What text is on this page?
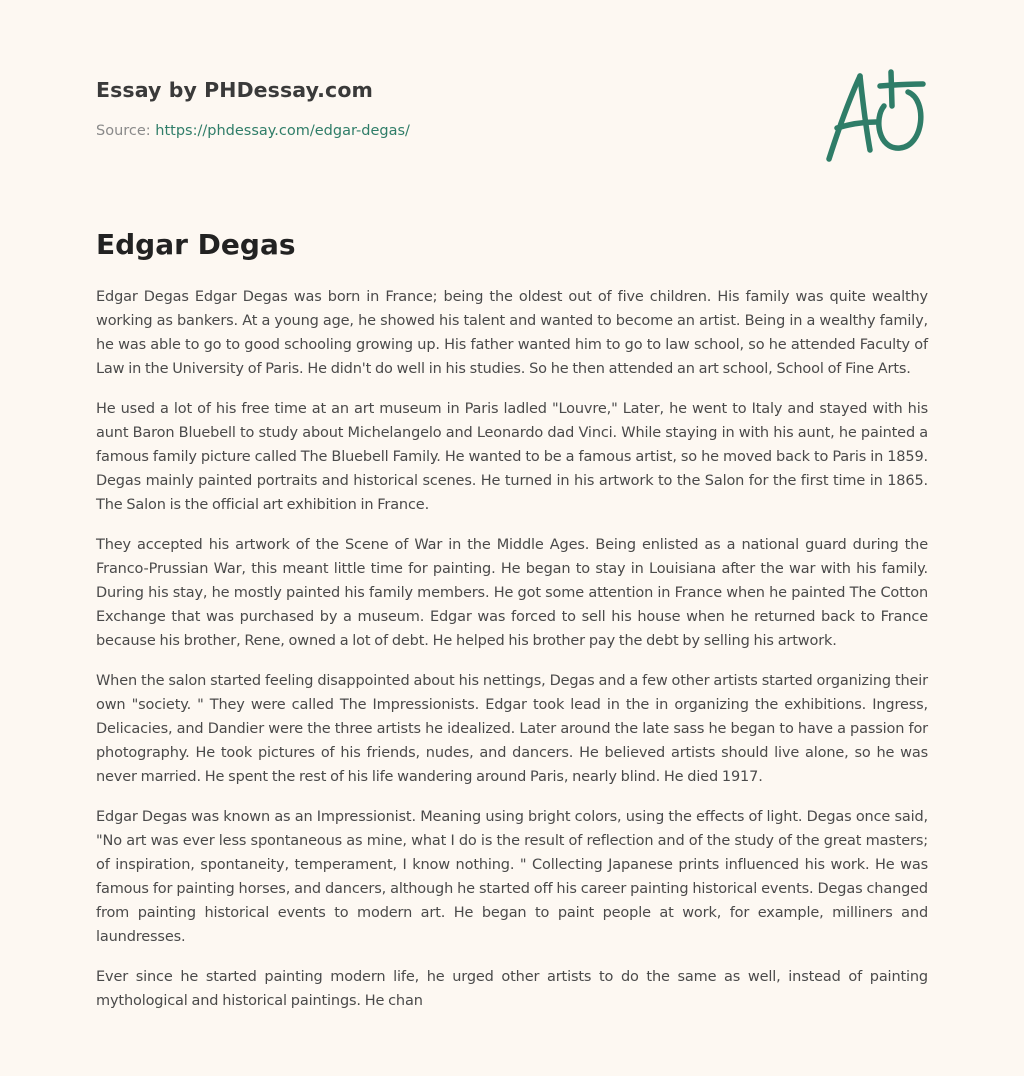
Essay by PHDessay.com
Source: https://phdessay.com/edgar-degas/
Edgar Degas

Edgar Degas Edgar Degas was born in France; being the oldest out of five children. His family was quite wealthy working as bankers. At a young age, he showed his talent and wanted to become an artist. Being in a wealthy family, he was able to go to good schooling growing up. His father wanted him to go to law school, so he attended Faculty of Law in the University of Paris. He didn't do well in his studies. So he then attended an art school, School of Fine Arts.

He used a lot of his free time at an art museum in Paris ladled "Louvre," Later, he went to Italy and stayed with his aunt Baron Bluebell to study about Michelangelo and Leonardo dad Vinci. While staying in with his aunt, he painted a famous family picture called The Bluebell Family. He wanted to be a famous artist, so he moved back to Paris in 1859. Degas mainly painted portraits and historical scenes. He turned in his artwork to the Salon for the first time in 1865. The Salon is the official art exhibition in France.

They accepted his artwork of the Scene of War in the Middle Ages. Being enlisted as a national guard during the Franco-Prussian War, this meant little time for painting. He began to stay in Louisiana after the war with his family. During his stay, he mostly painted his family members. He got some attention in France when he painted The Cotton Exchange that was purchased by a museum. Edgar was forced to sell his house when he returned back to France because his brother, Rene, owned a lot of debt. He helped his brother pay the debt by selling his artwork.

When the salon started feeling disappointed about his nettings, Degas and a few other artists started organizing their own "society. " They were called The Impressionists. Edgar took lead in the in organizing the exhibitions. Ingress, Delicacies, and Dandier were the three artists he idealized. Later around the late sass he began to have a passion for photography. He took pictures of his friends, nudes, and dancers. He believed artists should live alone, so he was never married. He spent the rest of his life wandering around Paris, nearly blind. He died 1917.

Edgar Degas was known as an Impressionist. Meaning using bright colors, using the effects of light. Degas once said, "No art was ever less spontaneous as mine, what I do is the result of reflection and of the study of the great masters; of inspiration, spontaneity, temperament, I know nothing. " Collecting Japanese prints influenced his work. He was famous for painting horses, and dancers, although he started off his career painting historical events. Degas changed from painting historical events to modern art. He began to paint people at work, for example, milliners and laundresses.

Ever since he started painting modern life, he urged other artists to do the same as well, instead of painting mythological and historical paintings. He chan
